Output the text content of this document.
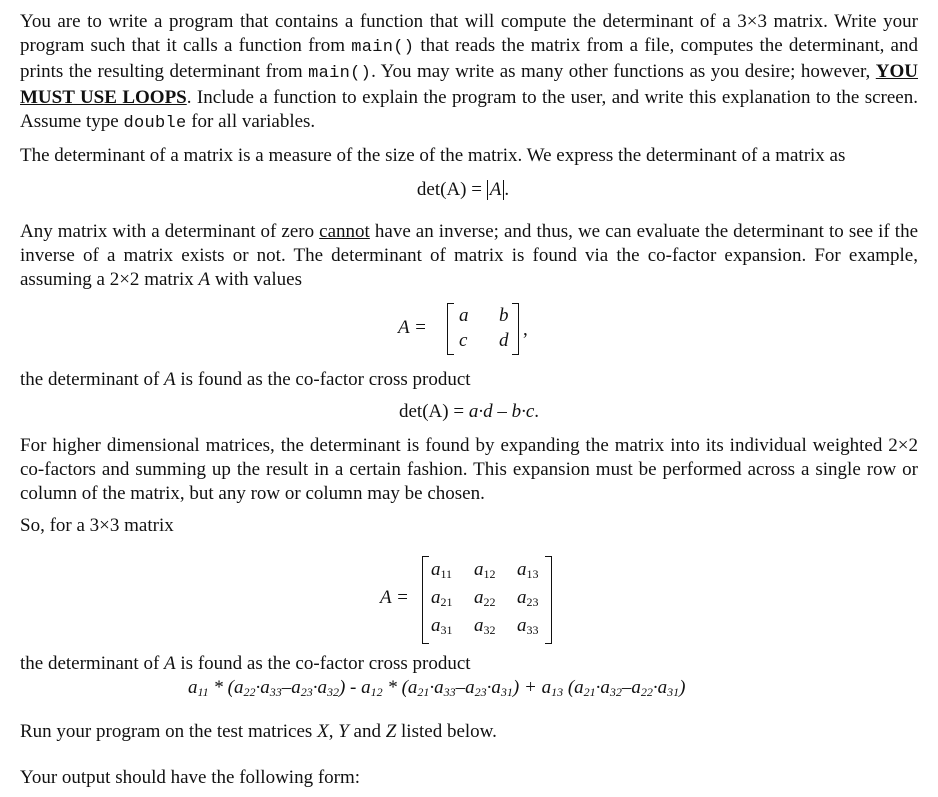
You are to write a program that contains a function that will compute the determinant of a 3×3 matrix. Write your program such that it calls a function from main() that reads the matrix from a file, computes the determinant, and prints the resulting determinant from main(). You may write as many other functions as you desire; however, YOU MUST USE LOOPS. Include a function to explain the program to the user, and write this explanation to the screen. Assume type double for all variables.

The determinant of a matrix is a measure of the size of the matrix. We express the determinant of a matrix as

det(A) = A .

Any matrix with a determinant of zero cannot have an inverse; and thus, we can evaluate the determinant to see if the inverse of a matrix exists or not. The determinant of matrix is found via the co-factor expansion. For example, assuming a 2×2 matrix A with values

A =
a b
c d
,

the determinant of A is found as the co-factor cross product

det(A) = a·d – b·c.

For higher dimensional matrices, the determinant is found by expanding the matrix into its individual weighted 2×2 co-factors and summing up the result in a certain fashion. This expansion must be performed across a single row or column of the matrix, but any row or column may be chosen.

So, for a 3×3 matrix

A =
$a_{11}$ $a_{12}$ $a_{13}$
$a_{21}$ $a_{22}$ $a_{23}$
$a_{31}$ $a_{32}$ $a_{33}$

the determinant of A is found as the co-factor cross product

$a_{11} * (a_{22}\cdot a_{33}-a_{23}\cdot a_{32}) - a_{12} * (a_{21}\cdot a_{33}-a_{23}\cdot a_{31}) + a_{13}$ $(a_{21}\cdot a_{32}-a_{22}\cdot a_{31})$

Run your program on the test matrices X, Y and Z listed below.

Your output should have the following form:
